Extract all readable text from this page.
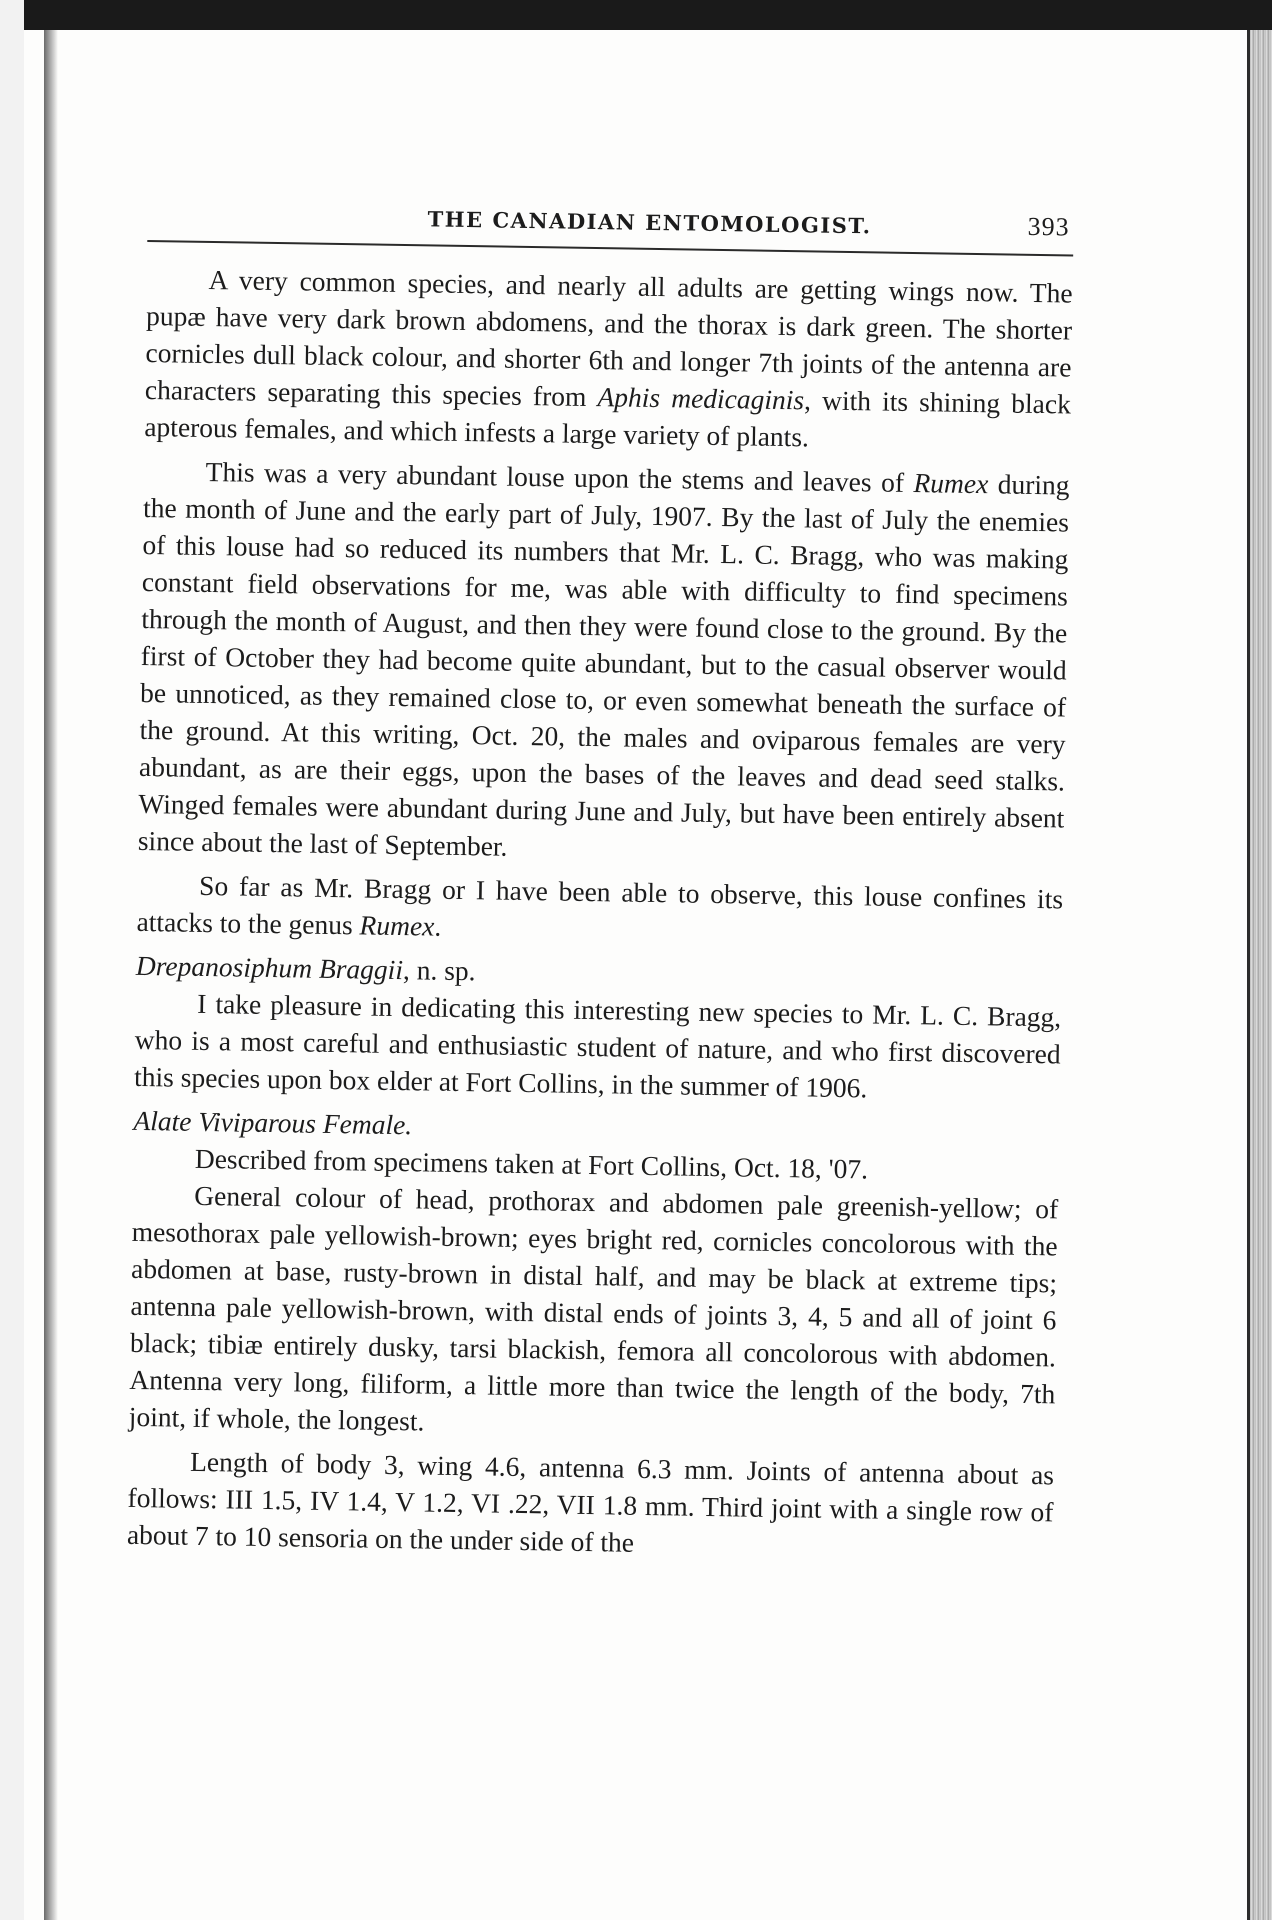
THE CANADIAN ENTOMOLOGIST.	393

A very common species, and nearly all adults are getting wings now. The pupæ have very dark brown abdomens, and the thorax is dark green. The shorter cornicles dull black colour, and shorter 6th and longer 7th joints of the antenna are characters separating this species from Aphis medicaginis, with its shining black apterous females, and which infests a large variety of plants.

This was a very abundant louse upon the stems and leaves of Rumex during the month of June and the early part of July, 1907. By the last of July the enemies of this louse had so reduced its numbers that Mr. L. C. Bragg, who was making constant field observations for me, was able with difficulty to find specimens through the month of August, and then they were found close to the ground. By the first of October they had become quite abundant, but to the casual observer would be unnoticed, as they remained close to, or even somewhat beneath the surface of the ground. At this writing, Oct. 20, the males and oviparous females are very abundant, as are their eggs, upon the bases of the leaves and dead seed stalks. Winged females were abundant during June and July, but have been entirely absent since about the last of September.

So far as Mr. Bragg or I have been able to observe, this louse confines its attacks to the genus Rumex.

Drepanosiphum Braggii, n. sp.

I take pleasure in dedicating this interesting new species to Mr. L. C. Bragg, who is a most careful and enthusiastic student of nature, and who first discovered this species upon box elder at Fort Collins, in the summer of 1906.

Alate Viviparous Female.

Described from specimens taken at Fort Collins, Oct. 18, '07.

General colour of head, prothorax and abdomen pale greenish-yellow; of mesothorax pale yellowish-brown; eyes bright red, cornicles concolorous with the abdomen at base, rusty-brown in distal half, and may be black at extreme tips; antenna pale yellowish-brown, with distal ends of joints 3, 4, 5 and all of joint 6 black; tibiæ entirely dusky, tarsi blackish, femora all concolorous with abdomen. Antenna very long, filiform, a little more than twice the length of the body, 7th joint, if whole, the longest.

Length of body 3, wing 4.6, antenna 6.3 mm. Joints of antenna about as follows: III 1.5, IV 1.4, V 1.2, VI .22, VII 1.8 mm. Third joint with a single row of about 7 to 10 sensoria on the under side of the
